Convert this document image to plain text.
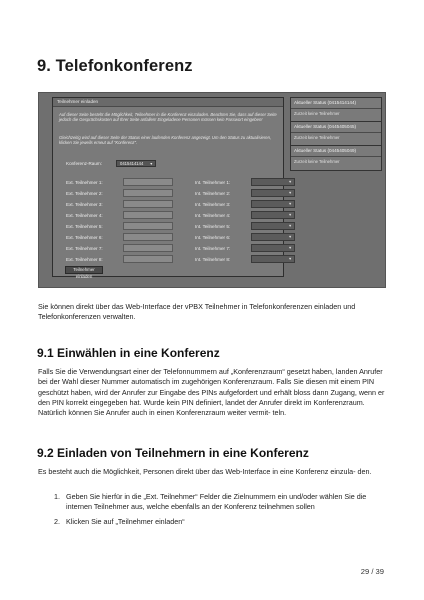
9. Telefonkonferenz
Teilnehmer einladen
Auf dieser Seite besteht die Möglichkeit, Teilnehmer in die Konferenz einzuladen. Beachten Sie, dass auf dieser Seite jedoch die Gesprächskosten auf Ihrer Seite anfallen! Eingeladene Personen müssen kein Passwort eingeben!
Gleichzeitig wird auf dieser Seite der Status einer laufenden Konferenz angezeigt. Um den Status zu aktualisieren, klicken Sie jeweils erneut auf "Konferenz".
Konferenz-Raum:	0415414144 ▼
Ext. Teilnehmer 1:	Int. Teilnehmer 1:	▼
Ext. Teilnehmer 2:	Int. Teilnehmer 2:	▼
Ext. Teilnehmer 3:	Int. Teilnehmer 3:	▼
Ext. Teilnehmer 4:	Int. Teilnehmer 4:	▼
Ext. Teilnehmer 5:	Int. Teilnehmer 5:	▼
Ext. Teilnehmer 6:	Int. Teilnehmer 6:	▼
Ext. Teilnehmer 7:	Int. Teilnehmer 7:	▼
Ext. Teilnehmer 8:	Int. Teilnehmer 8:	▼
Teilnehmer einladen
Aktueller Status (0415414144)
Zurzeit keine Teilnehmer
Aktueller Status (0445405045)
Zurzeit keine Teilnehmer
Aktueller Status (0445405049)
Zurzeit keine Teilnehmer
Sie können direkt über das Web-Interface der vPBX Teilnehmer in Telefonkonferenzen einladen und Telefonkonferenzen verwalten.
9.1 Einwählen in eine Konferenz
Falls Sie die Verwendungsart einer der Telefonnummern auf „Konferenzraum“ gesetzt haben, landen Anrufer bei der Wahl dieser Nummer automatisch im zugehörigen Konferenzraum. Falls Sie diesen mit einem PIN geschützt haben, wird der Anrufer zur Eingabe des PINs aufgefordert und erhält bloss dann Zugang, wenn er den PIN korrekt eingegeben hat. Wurde kein PIN definiert, landet der Anrufer direkt im Konferenzraum. Natürlich können Sie Anrufer auch in einen Konferenzraum weiter vermit- teln.
9.2 Einladen von Teilnehmern in eine Konferenz
Es besteht auch die Möglichkeit, Personen direkt über das Web-Interface in eine Konferenz einzula- den.
1. Geben Sie hierfür in die „Ext. Teilnehmer“ Felder die Zielnummern ein und/oder wählen Sie die internen Teilnehmer aus, welche ebenfalls an der Konferenz teilnehmen sollen
2. Klicken Sie auf „Teilnehmer einladen“
29 / 39
